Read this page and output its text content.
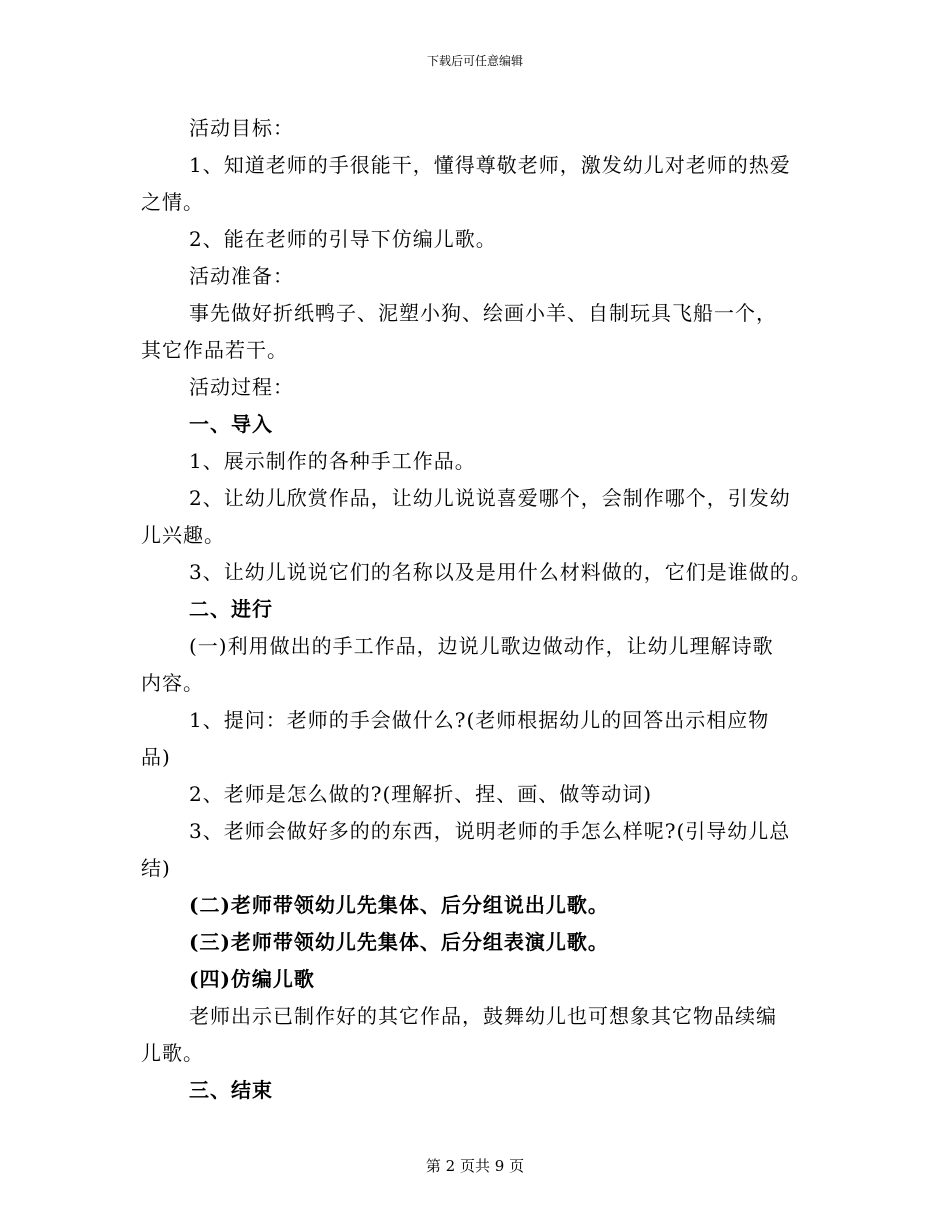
下载后可任意编辑
活动目标：
1、知道老师的手很能干，懂得尊敬老师，激发幼儿对老师的热爱
之情。
2、能在老师的引导下仿编儿歌。
活动准备：
事先做好折纸鸭子、泥塑小狗、绘画小羊、自制玩具飞船一个，
其它作品若干。
活动过程：
一、导入
1、展示制作的各种手工作品。
2、让幼儿欣赏作品，让幼儿说说喜爱哪个，会制作哪个，引发幼
儿兴趣。
3、让幼儿说说它们的名称以及是用什么材料做的，它们是谁做的。
二、进行
(一)利用做出的手工作品，边说儿歌边做动作，让幼儿理解诗歌
内容。
1、提问：老师的手会做什么?(老师根据幼儿的回答出示相应物
品)
2、老师是怎么做的?(理解折、捏、画、做等动词)
3、老师会做好多的的东西，说明老师的手怎么样呢?(引导幼儿总
结)
(二)老师带领幼儿先集体、后分组说出儿歌。
(三)老师带领幼儿先集体、后分组表演儿歌。
(四)仿编儿歌
老师出示已制作好的其它作品，鼓舞幼儿也可想象其它物品续编
儿歌。
三、结束
第 2 页共 9 页
